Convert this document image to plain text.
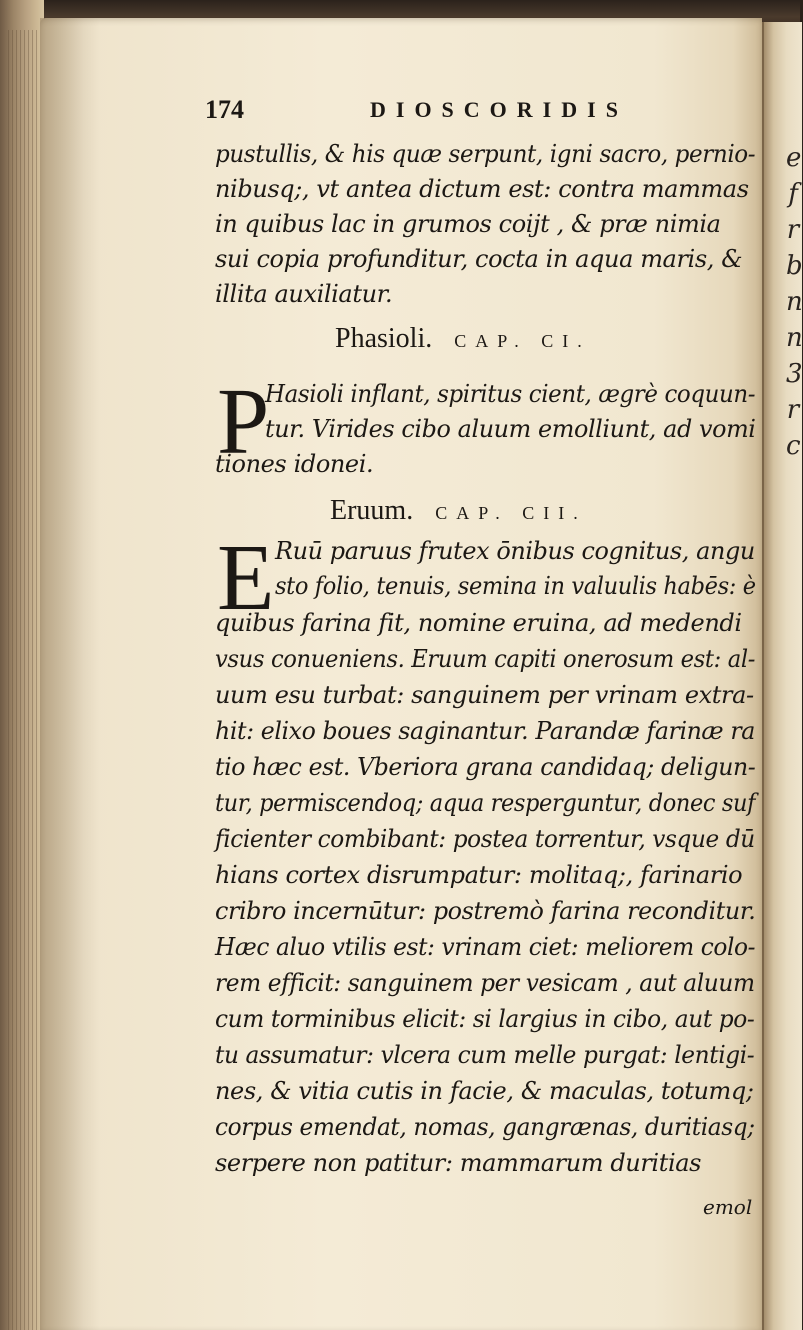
e
f
r
b
n
n
3
r
c
174	DIOSCORIDIS
pustullis, & his quæ serpunt, igni sacro, pernio-
nibusq;, vt antea dictum est: contra mammas
in quibus lac in grumos coijt , & præ nimia
sui copia profunditur, cocta in aqua maris, &
illita auxiliatur.
Phasioli. CAP. CI.
P
Hasioli inflant, spiritus cient, ægrè coquun-
tur. Virides cibo aluum emolliunt, ad vomi
tiones idonei.
Eruum. CAP. CII.
E Ruū paruus frutex ōnibus cognitus, angu
sto folio, tenuis, semina in valuulis habēs: è
quibus farina fit, nomine eruina, ad medendi
vsus conueniens. Eruum capiti onerosum est: al-
uum esu turbat: sanguinem per vrinam extra-
hit: elixo boues saginantur. Parandæ farinæ ra
tio hæc est. Vberiora grana candidaq; deligun-
tur, permiscendoq; aqua resperguntur, donec suf
ficienter combibant: postea torrentur, vsque dū
hians cortex disrumpatur: molitaq;, farinario
cribro incernūtur: postremò farina reconditur.
Hæc aluo vtilis est: vrinam ciet: meliorem colo-
rem efficit: sanguinem per vesicam , aut aluum
cum torminibus elicit: si largius in cibo, aut po-
tu assumatur: vlcera cum melle purgat: lentigi-
nes, & vitia cutis in facie, & maculas, totumq;
corpus emendat, nomas, gangrænas, duritiasq;
serpere non patitur: mammarum duritias
emol
